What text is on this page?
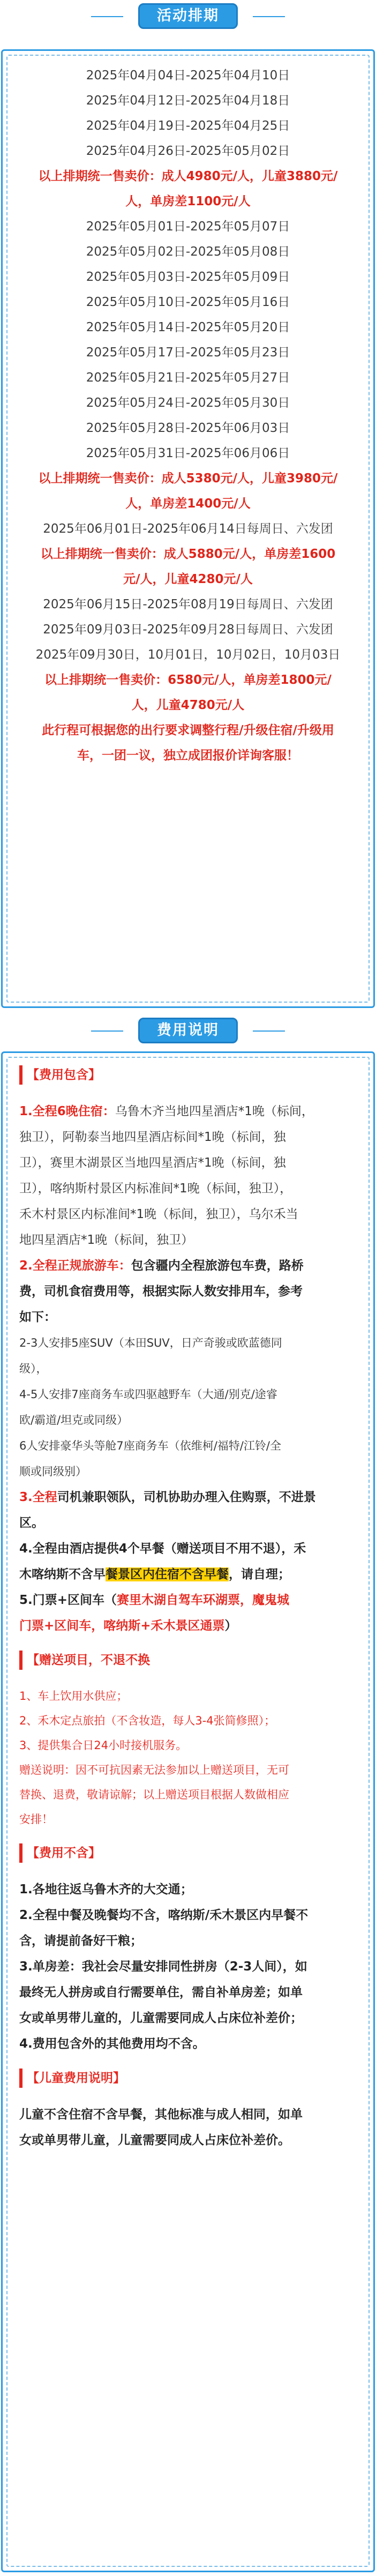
活动排期
2025年04月04日-2025年04月10日
2025年04月12日-2025年04月18日
2025年04月19日-2025年04月25日
2025年04月26日-2025年05月02日
以上排期统一售卖价：成人4980元/人，儿童3880元/
人，单房差1100元/人
2025年05月01日-2025年05月07日
2025年05月02日-2025年05月08日
2025年05月03日-2025年05月09日
2025年05月10日-2025年05月16日
2025年05月14日-2025年05月20日
2025年05月17日-2025年05月23日
2025年05月21日-2025年05月27日
2025年05月24日-2025年05月30日
2025年05月28日-2025年06月03日
2025年05月31日-2025年06月06日
以上排期统一售卖价：成人5380元/人，儿童3980元/
人，单房差1400元/人
2025年06月01日-2025年06月14日每周日、六发团
以上排期统一售卖价：成人5880元/人，单房差1600
元/人，儿童4280元/人
2025年06月15日-2025年08月19日每周日、六发团
2025年09月03日-2025年09月28日每周日、六发团
2025年09月30日，10月01日，10月02日，10月03日
以上排期统一售卖价：6580元/人，单房差1800元/
人，儿童4780元/人
此行程可根据您的出行要求调整行程/升级住宿/升级用
车，一团一议，独立成团报价详询客服！
费用说明
【费用包含】

1.全程6晚住宿：乌鲁木齐当地四星酒店*1晚（标间，
独卫），阿勒泰当地四星酒店标间*1晚（标间，独
卫），赛里木湖景区当地四星酒店*1晚（标间，独
卫），喀纳斯村景区内标准间*1晚（标间，独卫），
禾木村景区内标准间*1晚（标间，独卫），乌尔禾当
地四星酒店*1晚（标间，独卫）

2.全程正规旅游车：包含疆内全程旅游包车费，路桥
费，司机食宿费用等，根据实际人数安排用车，参考
如下：

2-3人安排5座SUV（本田SUV，日产奇骏或欧蓝德同
级），
4-5人安排7座商务车或四驱越野车（大通/别克/途睿
欧/霸道/坦克或同级）
6人安排豪华头等舱7座商务车（依维柯/福特/江铃/全
顺或同级别）

3.全程司机兼职领队，司机协助办理入住购票，不进景
区。

4.全程由酒店提供4个早餐（赠送项目不用不退），禾
木喀纳斯不含早餐景区内住宿不含早餐，请自理；

5.门票+区间车（赛里木湖自驾车环湖票，魔鬼城
门票+区间车，喀纳斯+禾木景区通票）

【赠送项目，不退不换

1、车上饮用水供应；
2、禾木定点旅拍（不含妆造，每人3-4张简修照）；
3、提供集合日24小时接机服务。
赠送说明：因不可抗因素无法参加以上赠送项目，无可
替换、退费，敬请谅解；以上赠送项目根据人数做相应
安排！

【费用不含】

1.各地往返乌鲁木齐的大交通；
2.全程中餐及晚餐均不含，喀纳斯/禾木景区内早餐不
含，请提前备好干粮；
3.单房差：我社会尽量安排同性拼房（2-3人间），如
最终无人拼房或自行需要单住，需自补单房差；如单
女或单男带儿童的，儿童需要同成人占床位补差价；
4.费用包含外的其他费用均不含。

【儿童费用说明】

儿童不含住宿不含早餐，其他标准与成人相同，如单
女或单男带儿童，儿童需要同成人占床位补差价。
